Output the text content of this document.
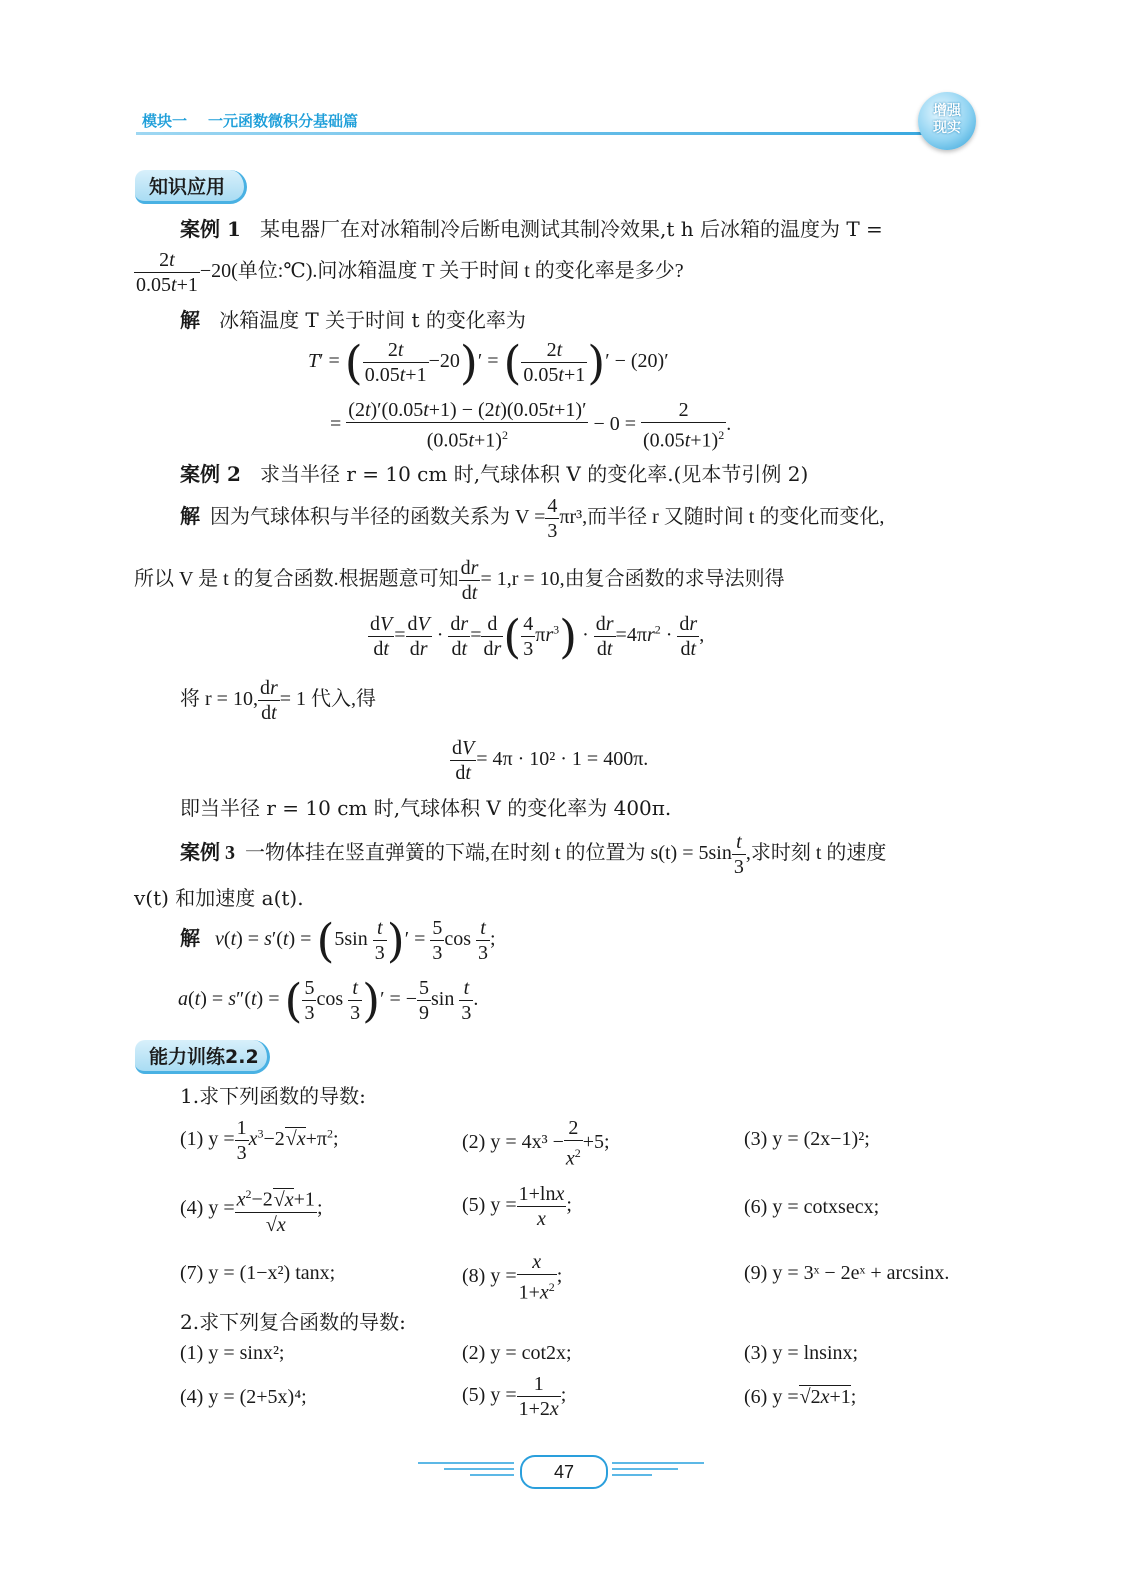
模块一 一元函数微积分基础篇
增强
现实
知识应用
案例 1 某电器厂在对冰箱制冷后断电测试其制冷效果,t h 后冰箱的温度为 T =
$\frac{2t}{0.05t+1} -20$(单位:℃).问冰箱温度 T 关于时间 t 的变化率是多少?
解 冰箱温度 T 关于时间 t 的变化率为
T′ = ( $\frac{2t}{0.05t+1} -20)'$ = ( $\frac{2t}{0.05t+1}$ )′ − (20)′
= $\frac{(2t)'(0.05t+1) - (2t)(0.05t+1)'}{(0.05t+1)^2} - 0 = \frac{2}{(0.05t+1)^2}$ .
案例 2 求当半径 r = 10 cm 时,气球体积 V 的变化率.(见本节引例 2)
解 因为气球体积与半径的函数关系为 $V = \frac{4}{3} \pi r^3$,而半径 r 又随时间 t 的变化而变化,
所以 V 是 t 的复合函数.根据题意可知 $\frac{dr}{dt} = 1,r = 10$,由复合函数的求导法则得
$\frac{dV}{dt} = \frac{dV}{dr} \cdot \frac{dr}{dt} = \frac{d}{dr}$ ( $\frac{4}{3} \pi r^3) \cdot \frac{dr}{dt} =4\pi r^2 \cdot \frac{dr}{dt}$ ,
将 r = 10, $\frac{dr}{dt} = 1$ 代入,得
$\frac{dV}{dt} = 4\pi \cdot 10^2 \cdot 1 = 400\pi$.
即当半径 r = 10 cm 时,气球体积 V 的变化率为 400π.
案例 3 一物体挂在竖直弹簧的下端,在时刻 t 的位置为 $s(t) = 5\sin \frac{t}{3}$ ,求时刻 t 的速度
v(t) 和加速度 a(t).
解 $v(t) = s'(t) = (5\sin \frac{t}{3}$ )′ = $\frac{5}{3}$ $\cos \frac{t}{3}$ ;
a(t) = s″(t) = ( $\frac{5}{3}$ $\cos \frac{t}{3}$ )′ = − $\frac{5}{9}$ $\sin \frac{t}{3}$ .
能力训练2.2
1.求下列函数的导数:
(1) $y = \frac{1}{3} x^3-2√x+\pi^2$;	(2) $y = 4x^3 - \frac{2}{x^2} +5$;	(3) y = (2x−1)²;
(4) $y = \frac{x^2-2√x+1}{√x}$ ;	(5) $y = \frac{1+\ln x}{x}$ ;	(6) y = cotxsecx;
(7) y = (1−x²) tanx;	(8) $y = \frac{x}{1+x^2}$ ;	(9) y = 3ˣ − 2eˣ + arcsinx.
2.求下列复合函数的导数:
(1) y = sinx²;	(2) y = cot2x;	(3) y = lnsinx;
(4) y = (2+5x)⁴;	(5) $y = \frac{1}{1+2x}$ ;	(6) y =√2x+1;
47
